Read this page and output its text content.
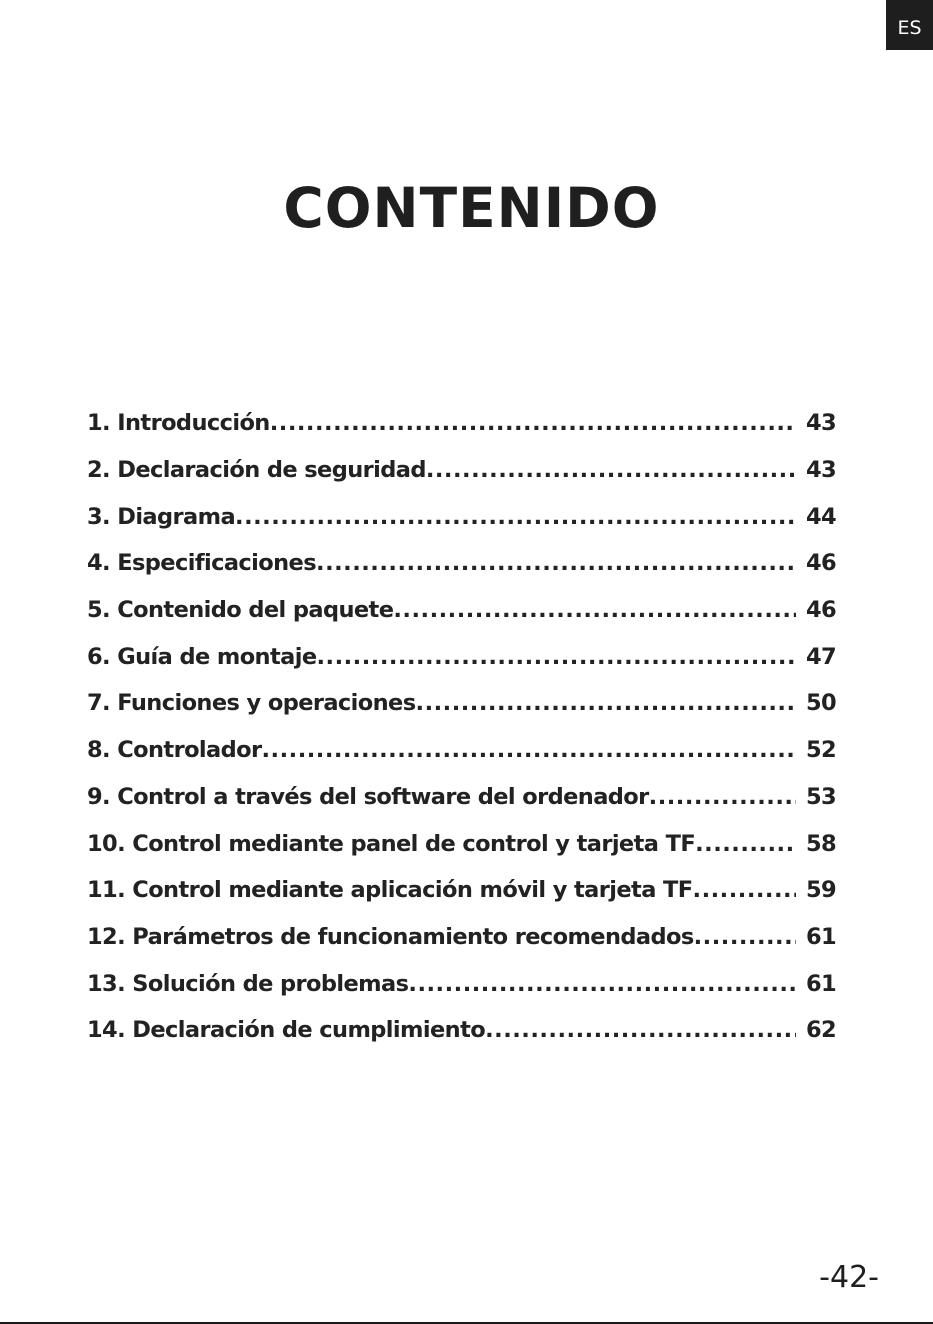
ES
CONTENIDO
1. Introducción .....	43
2. Declaración de seguridad .....	43
3. Diagrama .....	44
4. Especificaciones .....	46
5. Contenido del paquete .....	46
6. Guía de montaje .....	47
7. Funciones y operaciones .....	50
8. Controlador .....	52
9. Control a través del software del ordenador .....	53
10. Control mediante panel de control y tarjeta TF .....	58
11. Control mediante aplicación móvil y tarjeta TF .....	59
12. Parámetros de funcionamiento recomendados .....	61
13. Solución de problemas .....	61
14. Declaración de cumplimiento .....	62
-42-
